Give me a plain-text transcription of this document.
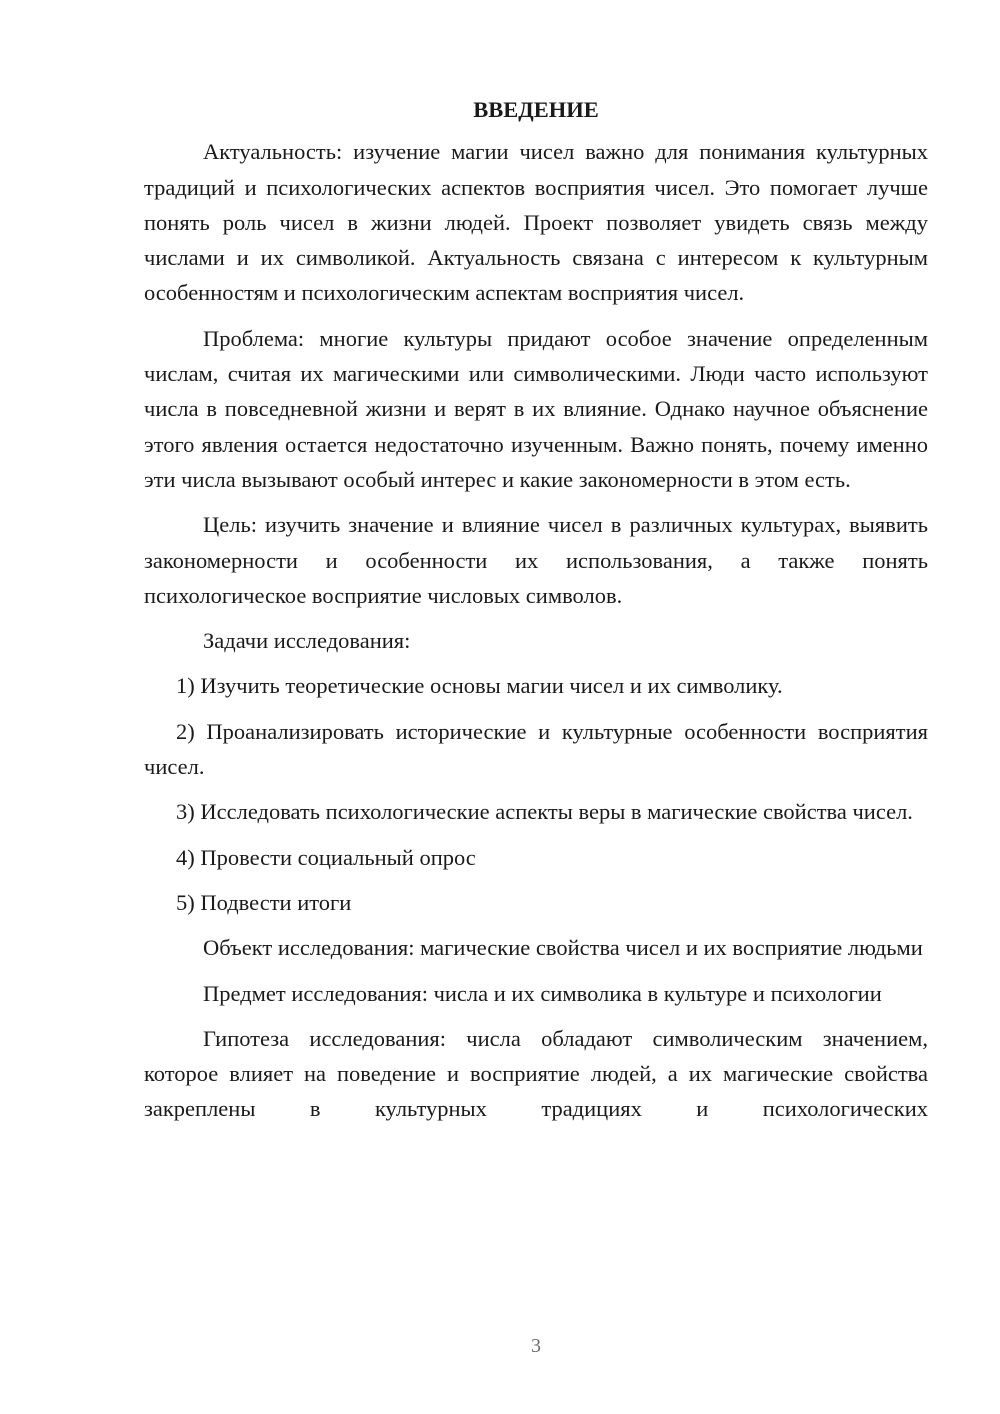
ВВЕДЕНИЕ

Актуальность: изучение магии чисел важно для понимания культурных традиций и психологических аспектов восприятия чисел. Это помогает лучше понять роль чисел в жизни людей. Проект позволяет увидеть связь между числами и их символикой. Актуальность связана с интересом к культурным особенностям и психологическим аспектам восприятия чисел.

Проблема: многие культуры придают особое значение определенным числам, считая их магическими или символическими. Люди часто используют числа в повседневной жизни и верят в их влияние. Однако научное объяснение этого явления остается недостаточно изученным. Важно понять, почему именно эти числа вызывают особый интерес и какие закономерности в этом есть.

Цель: изучить значение и влияние чисел в различных культурах, выявить закономерности и особенности их использования, а также понять психологическое восприятие числовых символов.

Задачи исследования:

1) Изучить теоретические основы магии чисел и их символику.

2) Проанализировать исторические и культурные особенности восприятия чисел.

3) Исследовать психологические аспекты веры в магические свойства чисел.

4) Провести социальный опрос

5) Подвести итоги

Объект исследования: магические свойства чисел и их восприятие людьми

Предмет исследования: числа и их символика в культуре и психологии

Гипотеза исследования: числа обладают символическим значением, которое влияет на поведение и восприятие людей, а их магические свойства закреплены в культурных традициях и психологических

3
